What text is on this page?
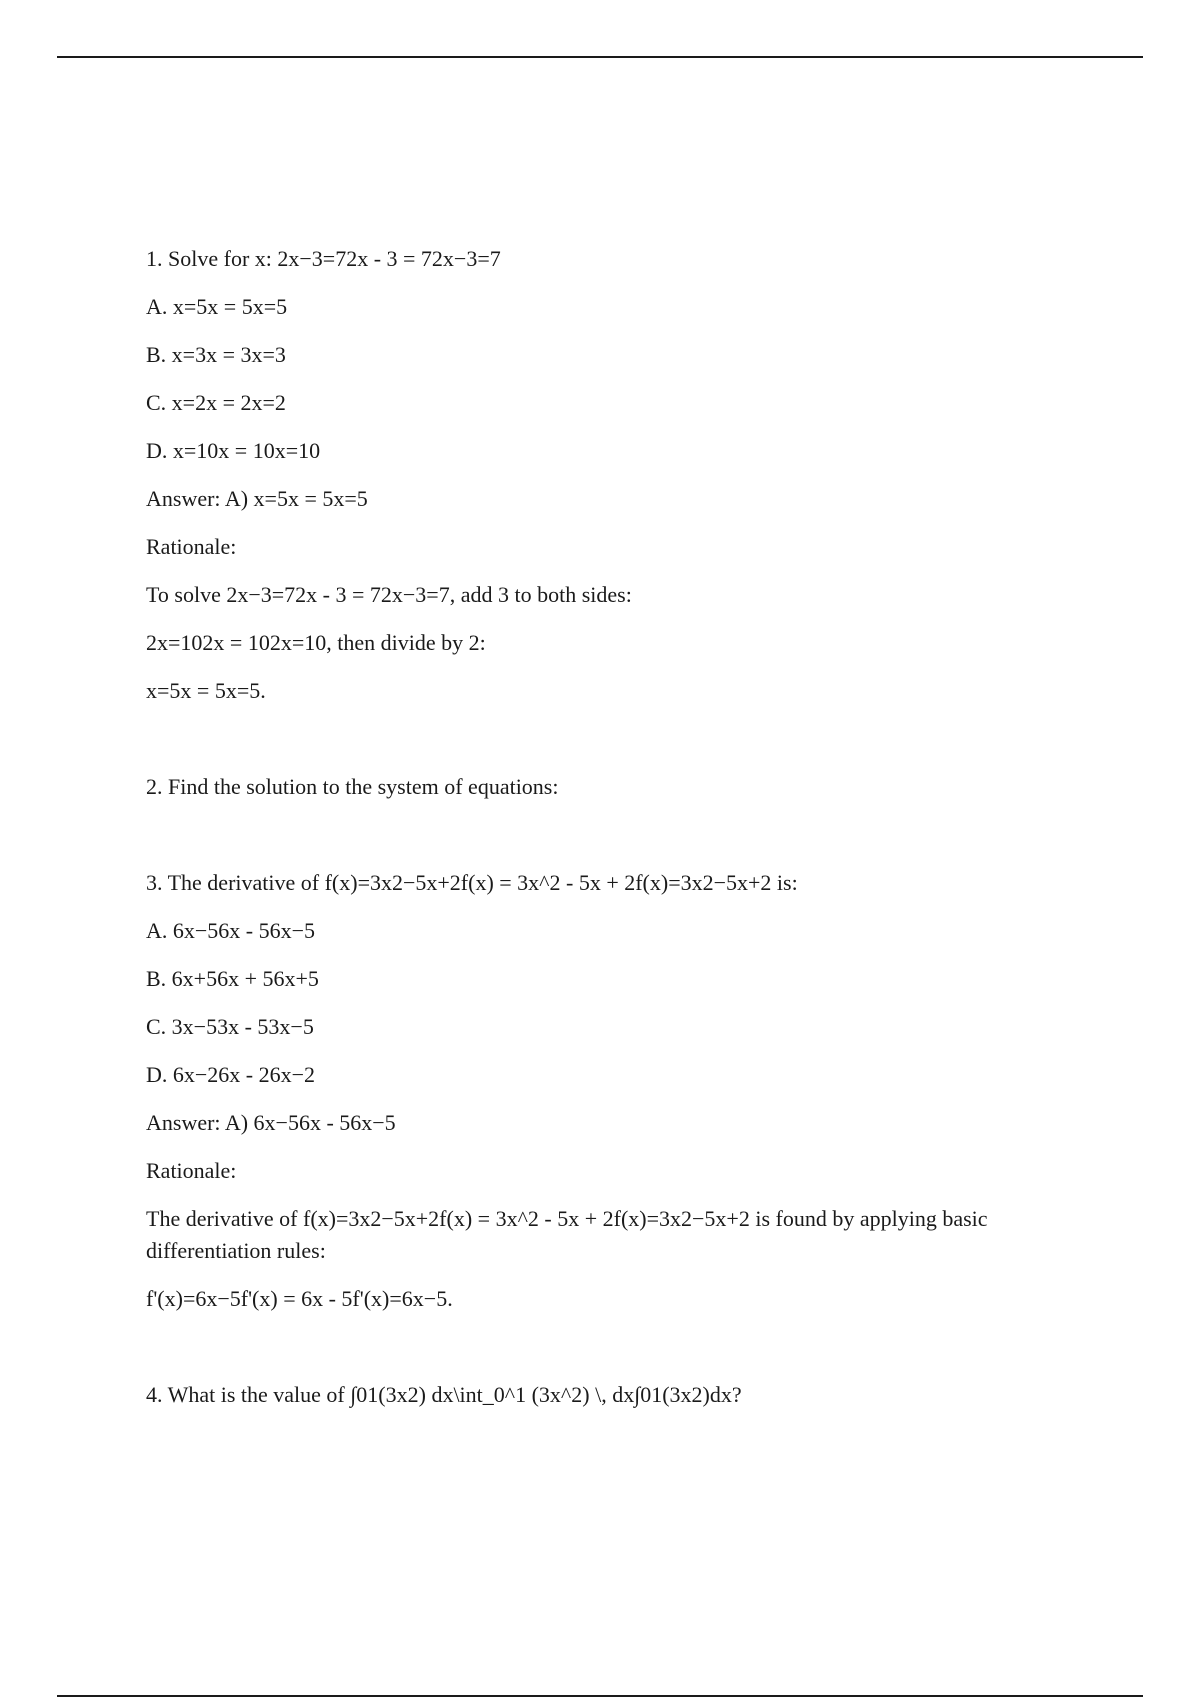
1. Solve for x: 2x−3=72x - 3 = 72x−3=7

A. x=5x = 5x=5

B. x=3x = 3x=3

C. x=2x = 2x=2

D. x=10x = 10x=10

Answer: A) x=5x = 5x=5

Rationale:

To solve 2x−3=72x - 3 = 72x−3=7, add 3 to both sides:

2x=102x = 102x=10, then divide by 2:

x=5x = 5x=5.

2. Find the solution to the system of equations:

3. The derivative of f(x)=3x2−5x+2f(x) = 3x^2 - 5x + 2f(x)=3x2−5x+2 is:

A. 6x−56x - 56x−5

B. 6x+56x + 56x+5

C. 3x−53x - 53x−5

D. 6x−26x - 26x−2

Answer: A) 6x−56x - 56x−5

Rationale:

The derivative of f(x)=3x2−5x+2f(x) = 3x^2 - 5x + 2f(x)=3x2−5x+2 is found by applying basic differentiation rules:

f'(x)=6x−5f'(x) = 6x - 5f'(x)=6x−5.

4. What is the value of ∫01(3x2) dx\int_0^1 (3x^2) \, dx∫01(3x2)dx?
